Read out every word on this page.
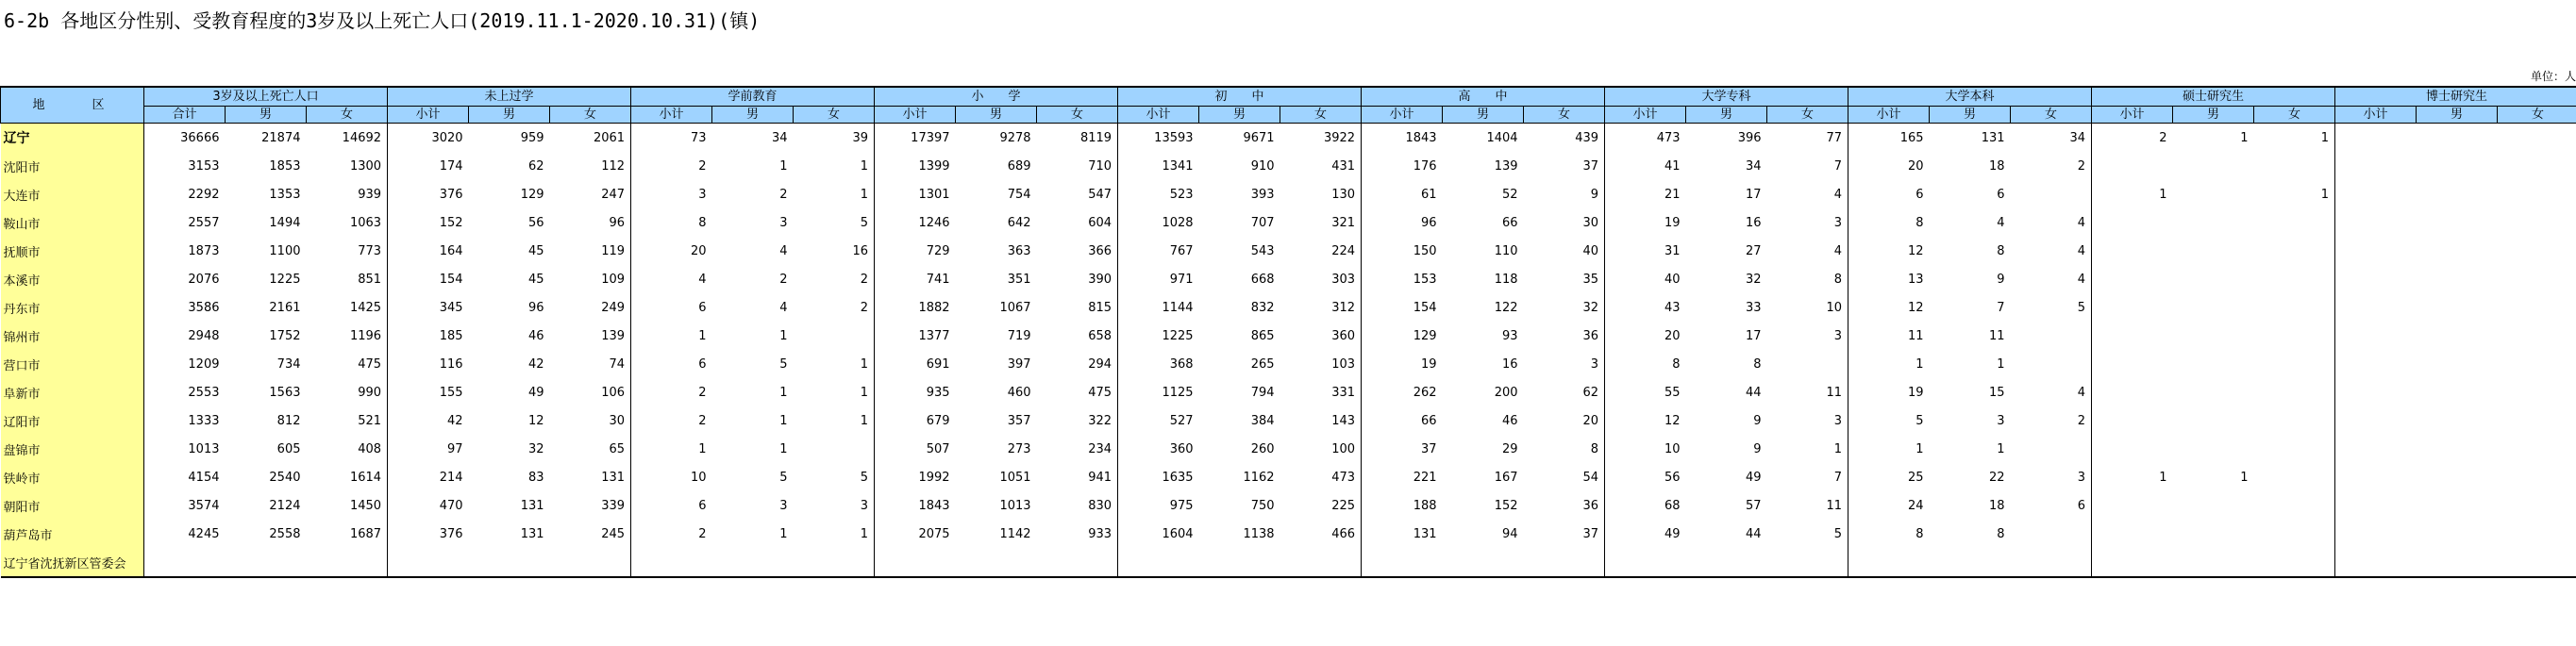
6-2b 各地区分性别、受教育程度的3岁及以上死亡人口(2019.11.1-2020.10.31)(镇)
单位：人
地　　区	3岁及以上死亡人口			未上过学			学前教育			小　　学			初　　中			高　　中			大学专科			大学本科			硕士研究生			博士研究生		
	合计	男	女	小计	男	女	小计	男	女	小计	男	女	小计	男	女	小计	男	女	小计	男	女	小计	男	女	小计	男	女	小计	男	女
辽宁	36666	21874	14692	3020	959	2061	73	34	39	17397	9278	8119	13593	9671	3922	1843	1404	439	473	396	77	165	131	34	2	1	1			
沈阳市	3153	1853	1300	174	62	112	2	1	1	1399	689	710	1341	910	431	176	139	37	41	34	7	20	18	2						
大连市	2292	1353	939	376	129	247	3	2	1	1301	754	547	523	393	130	61	52	9	21	17	4	6	6		1		1			
鞍山市	2557	1494	1063	152	56	96	8	3	5	1246	642	604	1028	707	321	96	66	30	19	16	3	8	4	4						
抚顺市	1873	1100	773	164	45	119	20	4	16	729	363	366	767	543	224	150	110	40	31	27	4	12	8	4						
本溪市	2076	1225	851	154	45	109	4	2	2	741	351	390	971	668	303	153	118	35	40	32	8	13	9	4						
丹东市	3586	2161	1425	345	96	249	6	4	2	1882	1067	815	1144	832	312	154	122	32	43	33	10	12	7	5						
锦州市	2948	1752	1196	185	46	139	1	1		1377	719	658	1225	865	360	129	93	36	20	17	3	11	11							
营口市	1209	734	475	116	42	74	6	5	1	691	397	294	368	265	103	19	16	3	8	8		1	1							
阜新市	2553	1563	990	155	49	106	2	1	1	935	460	475	1125	794	331	262	200	62	55	44	11	19	15	4						
辽阳市	1333	812	521	42	12	30	2	1	1	679	357	322	527	384	143	66	46	20	12	9	3	5	3	2						
盘锦市	1013	605	408	97	32	65	1	1		507	273	234	360	260	100	37	29	8	10	9	1	1	1							
铁岭市	4154	2540	1614	214	83	131	10	5	5	1992	1051	941	1635	1162	473	221	167	54	56	49	7	25	22	3	1	1				
朝阳市	3574	2124	1450	470	131	339	6	3	3	1843	1013	830	975	750	225	188	152	36	68	57	11	24	18	6						
葫芦岛市	4245	2558	1687	376	131	245	2	1	1	2075	1142	933	1604	1138	466	131	94	37	49	44	5	8	8							
辽宁省沈抚新区管委会																														
